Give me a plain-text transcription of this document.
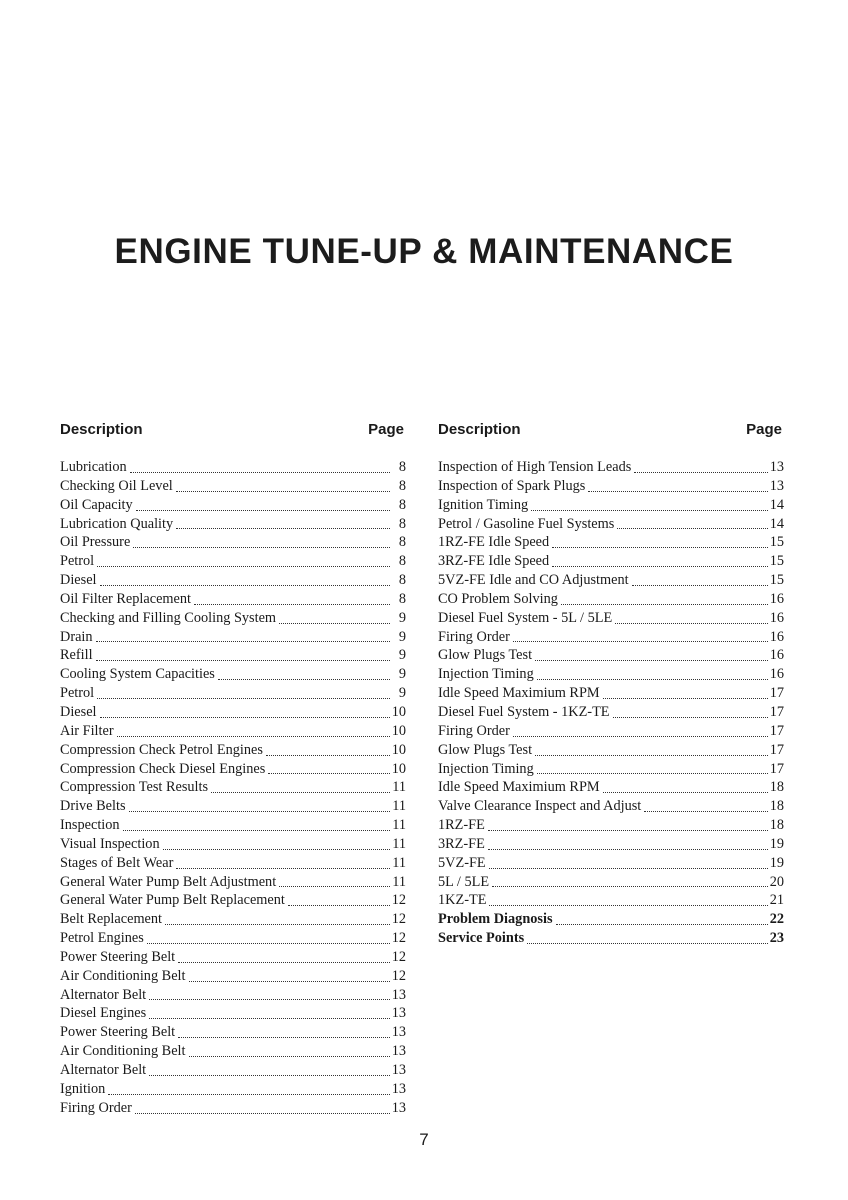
ENGINE TUNE-UP & MAINTENANCE
Description	Page
Lubrication	8
Checking Oil Level	8
Oil Capacity	8
Lubrication Quality	8
Oil Pressure	8
Petrol	8
Diesel	8
Oil Filter Replacement	8
Checking and Filling Cooling System	9
Drain	9
Refill	9
Cooling System Capacities	9
Petrol	9
Diesel	10
Air Filter	10
Compression Check Petrol Engines	10
Compression Check Diesel Engines	10
Compression Test Results	11
Drive Belts	11
Inspection	11
Visual Inspection	11
Stages of Belt Wear	11
General Water Pump Belt Adjustment	11
General Water Pump Belt Replacement	12
Belt Replacement	12
Petrol Engines	12
Power Steering Belt	12
Air Conditioning Belt	12
Alternator Belt	13
Diesel Engines	13
Power Steering Belt	13
Air Conditioning Belt	13
Alternator Belt	13
Ignition	13
Firing Order	13
Description	Page
Inspection of High Tension Leads	13
Inspection of Spark Plugs	13
Ignition Timing	14
Petrol / Gasoline Fuel Systems	14
1RZ-FE Idle Speed	15
3RZ-FE Idle Speed	15
5VZ-FE Idle and CO Adjustment	15
CO Problem Solving	16
Diesel Fuel System - 5L / 5LE	16
Firing Order	16
Glow Plugs Test	16
Injection Timing	16
Idle Speed Maximium RPM	17
Diesel Fuel System - 1KZ-TE	17
Firing Order	17
Glow Plugs Test	17
Injection Timing	17
Idle Speed Maximium RPM	18
Valve Clearance Inspect and Adjust	18
1RZ-FE	18
3RZ-FE	19
5VZ-FE	19
5L / 5LE	20
1KZ-TE	21
Problem Diagnosis	22
Service Points	23
7
